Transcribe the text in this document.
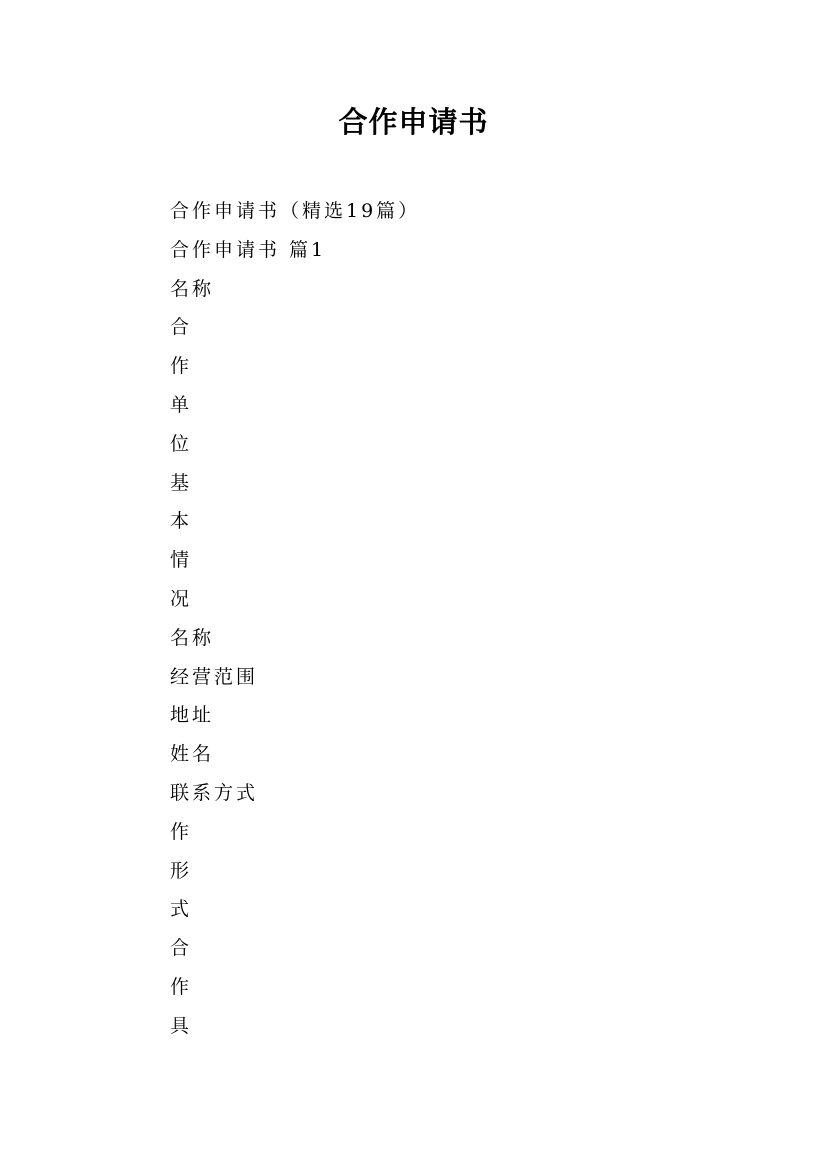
合作申请书
合作申请书（精选19篇）
合作申请书 篇1
名称
合
作
单
位
基
本
情
况
名称
经营范围
地址
姓名
联系方式
作
形
式
合
作
具
